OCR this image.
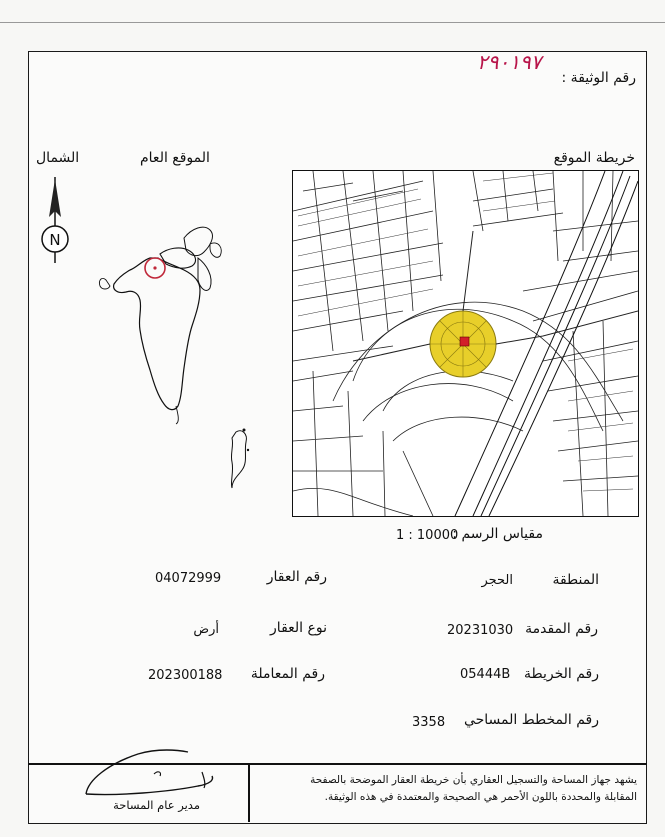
رقم الوثيقة :
٢٩٠١٩٧
خريطة الموقع
الموقع العام
الشمال
N
مقياس الرسم :
1 : 10000
المنطقة
الحجر
رقم المقدمة
20231030
رقم الخريطة
05444B
رقم المخطط المساحي
3358
رقم العقار
04072999
نوع العقار
أرض
رقم المعاملة
202300188
يشهد جهاز المساحة والتسجيل العقاري بأن خريطة العقار الموضحة بالصفحة
المقابلة والمحددة باللون الأحمر هي الصحيحة والمعتمدة في هذه الوثيقة.
مدير عام المساحة
